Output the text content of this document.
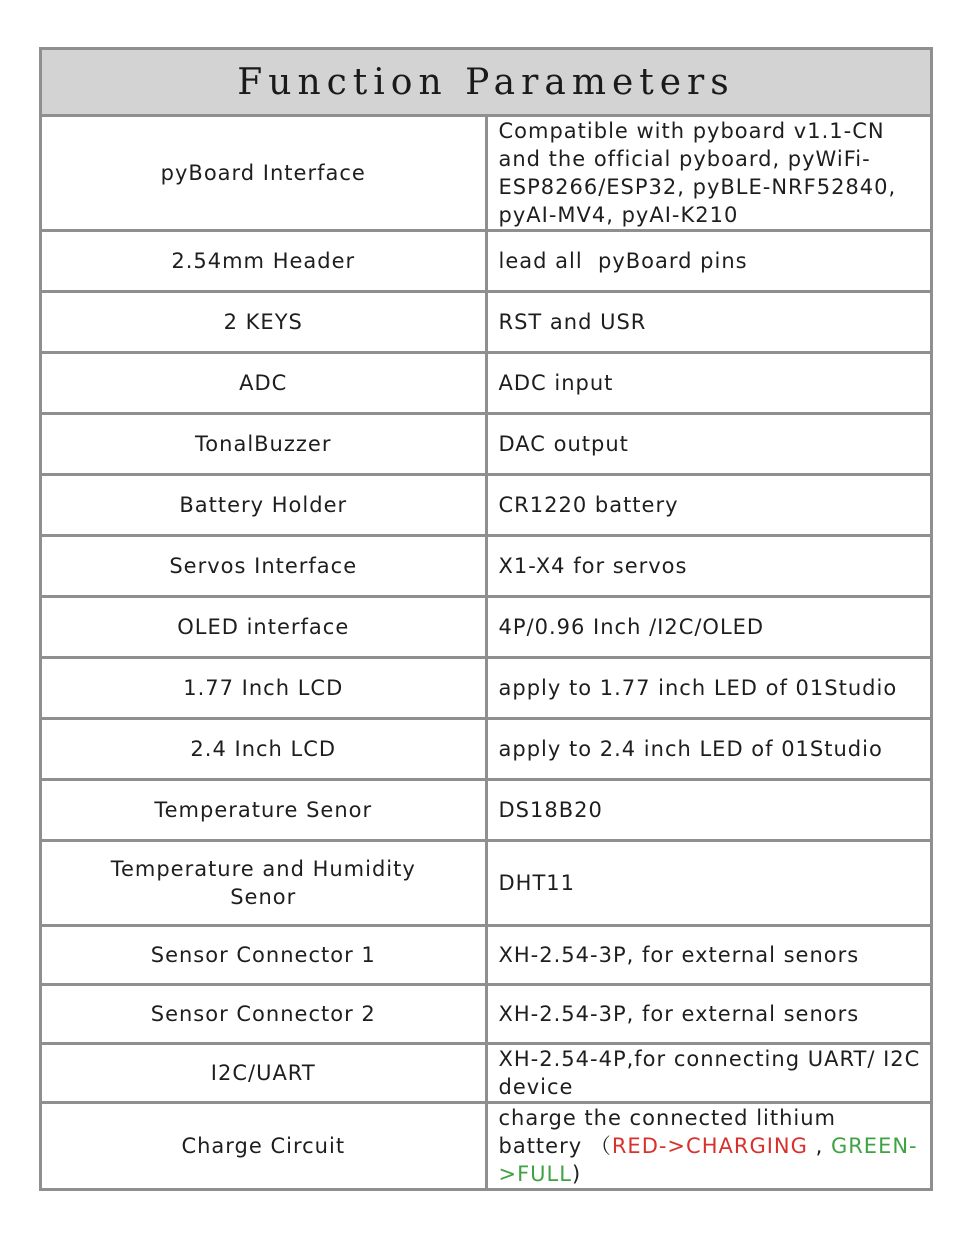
Function Parameters	
pyBoard Interface	Compatible with pyboard v1.1-CN and the official pyboard, pyWiFi-ESP8266/ESP32, pyBLE-NRF52840, pyAI-MV4, pyAI-K210
2.54mm Header	lead all  pyBoard pins
2 KEYS	RST and USR
ADC	ADC input
TonalBuzzer	DAC output
Battery Holder	CR1220 battery
Servos Interface	X1-X4 for servos
OLED interface	4P/0.96 Inch /I2C/OLED
1.77 Inch LCD	apply to 1.77 inch LED of 01Studio
2.4 Inch LCD	apply to 2.4 inch LED of 01Studio
Temperature Senor	DS18B20
Temperature and Humidity Senor	DHT11
Sensor Connector 1	XH-2.54-3P, for external senors
Sensor Connector 2	XH-2.54-3P, for external senors
I2C/UART	XH-2.54-4P,for connecting UART/ I2C device
Charge Circuit	charge the connected lithium battery （RED->CHARGING , GREEN->FULL)
